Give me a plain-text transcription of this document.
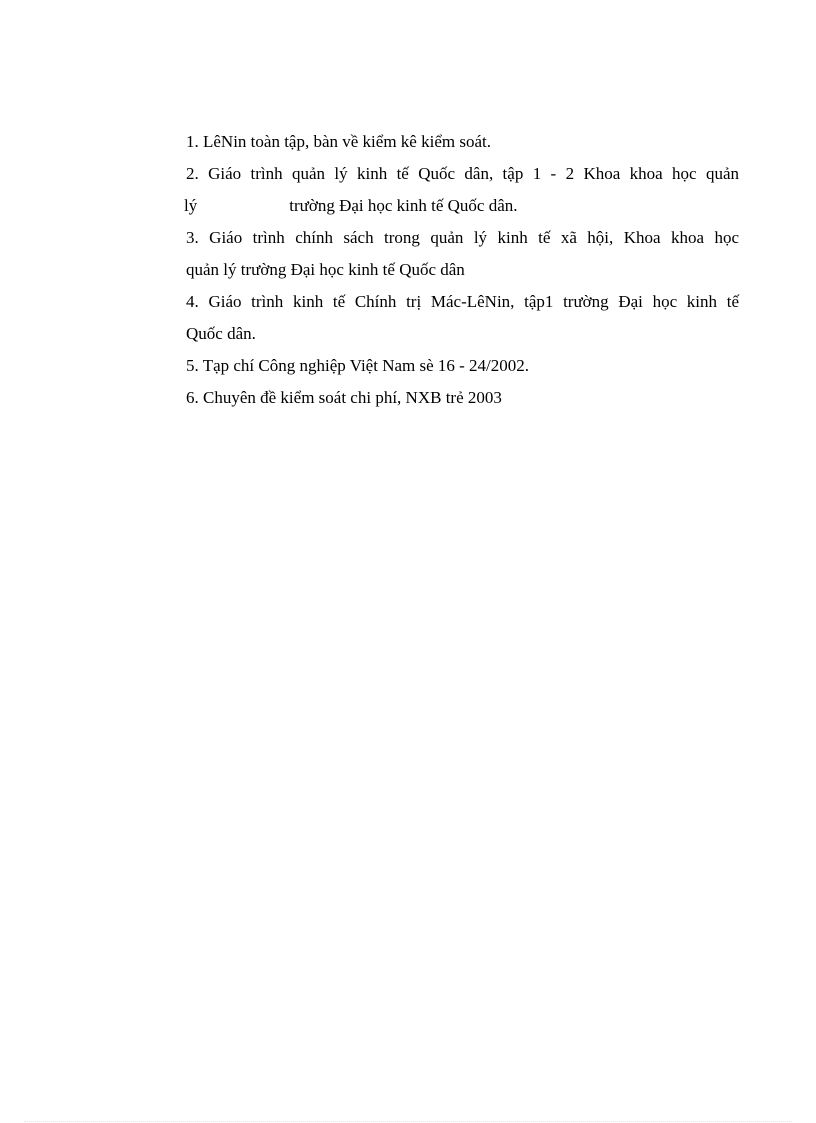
1. LêNin toàn tập, bàn về kiểm kê kiểm soát.

2. Giáo trình quản lý kinh tế Quốc dân, tập 1 - 2 Khoa khoa học quản
lý	trường Đại học kinh tế Quốc dân.

3. Giáo trình chính sách trong quản lý kinh tế xã hội, Khoa khoa học
quản lý trường Đại học kinh tế Quốc dân

4. Giáo trình kinh tế Chính trị Mác-LêNin, tập1 trường Đại học kinh tế
Quốc dân.

5. Tạp chí Công nghiệp Việt Nam sè 16 - 24/2002.

6. Chuyên đề kiểm soát chi phí, NXB trẻ 2003
